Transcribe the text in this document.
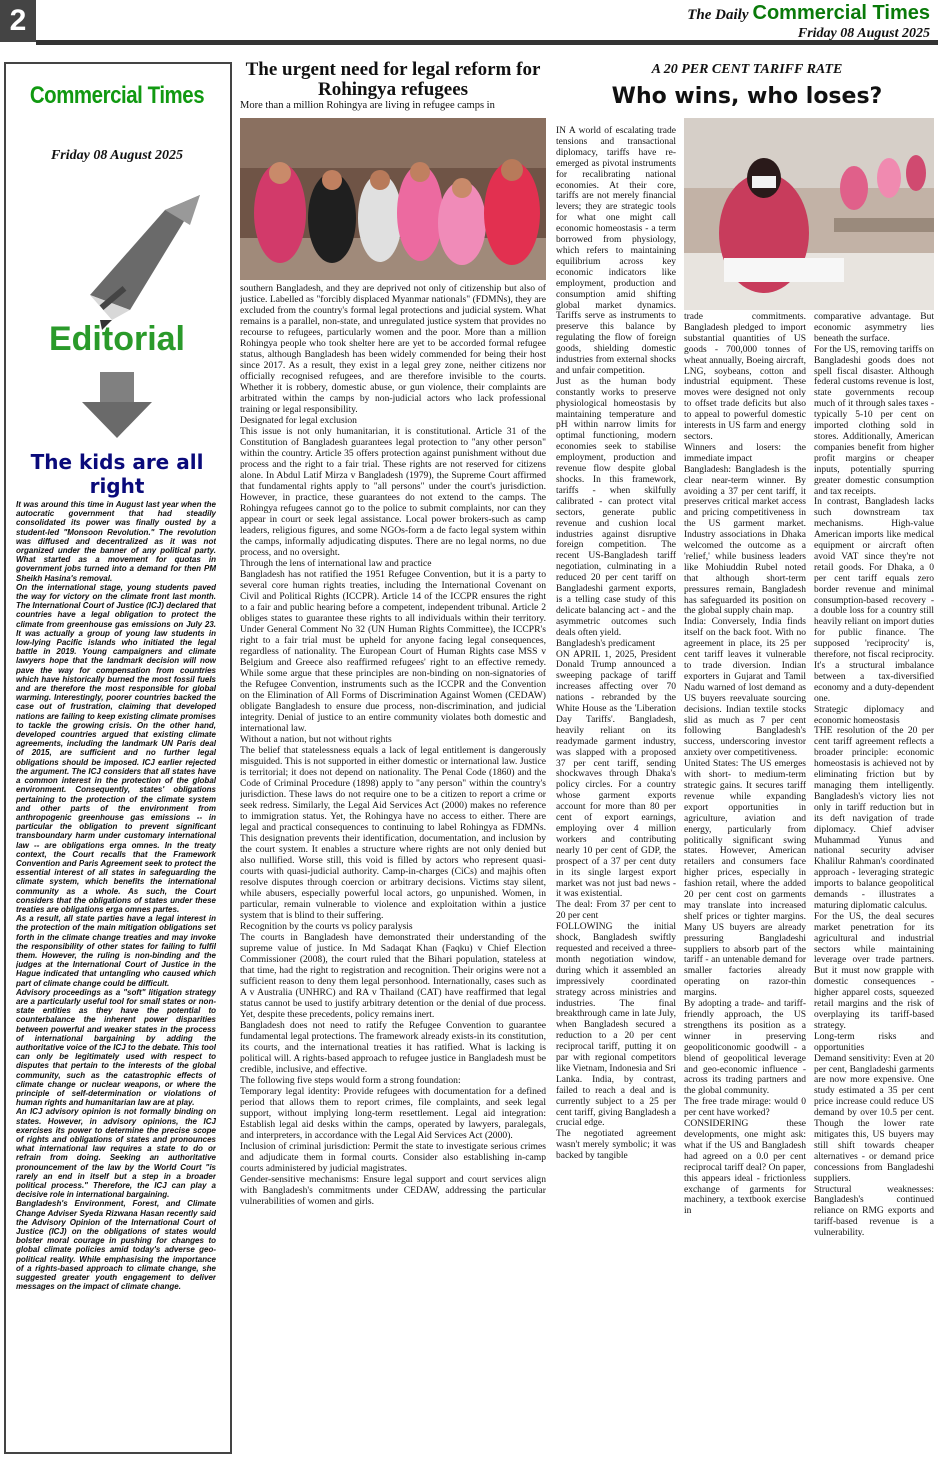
2	The Daily Commercial Times
Friday 08 August 2025
Commercial Times
Friday 08 August 2025
Editorial
The kids are all right

It was around this time in August last year when the autocratic government that had steadily consolidated its power was finally ousted by a student-led "Monsoon Revolution." The revolution was diffused and decentralized as it was not organized under the banner of any political party. What started as a movement for quotas in government jobs turned into a demand for then PM Sheikh Hasina's removal.

On the international stage, young students paved the way for victory on the climate front last month. The International Court of Justice (ICJ) declared that countries have a legal obligation to protect the climate from greenhouse gas emissions on July 23. It was actually a group of young law students in low-lying Pacific islands who initiated the legal battle in 2019. Young campaigners and climate lawyers hope that the landmark decision will now pave the way for compensation from countries which have historically burned the most fossil fuels and are therefore the most responsible for global warming. Interestingly, poorer countries backed the case out of frustration, claiming that developed nations are failing to keep existing climate promises to tackle the growing crisis. On the other hand, developed countries argued that existing climate agreements, including the landmark UN Paris deal of 2015, are sufficient and no further legal obligations should be imposed. ICJ earlier rejected the argument. The ICJ considers that all states have a common interest in the protection of the global environment. Consequently, states' obligations pertaining to the protection of the climate system and other parts of the environment from anthropogenic greenhouse gas emissions -- in particular the obligation to prevent significant transboundary harm under customary international law -- are obligations erga omnes. In the treaty context, the Court recalls that the Framework Convention and Paris Agreement seek to protect the essential interest of all states in safeguarding the climate system, which benefits the international community as a whole. As such, the Court considers that the obligations of states under these treaties are obligations erga omnes partes.

As a result, all state parties have a legal interest in the protection of the main mitigation obligations set forth in the climate change treaties and may invoke the responsibility of other states for failing to fulfil them. However, the ruling is non-binding and the judges at the International Court of Justice in the Hague indicated that untangling who caused which part of climate change could be difficult.

Advisory proceedings as a "soft" litigation strategy are a particularly useful tool for small states or non-state entities as they have the potential to counterbalance the inherent power disparities between powerful and weaker states in the process of international bargaining by adding the authoritative voice of the ICJ to the debate. This tool can only be legitimately used with respect to disputes that pertain to the interests of the global community, such as the catastrophic effects of climate change or nuclear weapons, or where the principle of self-determination or violations of human rights and humanitarian law are at play.

An ICJ advisory opinion is not formally binding on states. However, in advisory opinions, the ICJ exercises its power to determine the precise scope of rights and obligations of states and pronounces what international law requires a state to do or refrain from doing. Seeking an authoritative pronouncement of the law by the World Court "is rarely an end in itself but a step in a broader political process." Therefore, the ICJ can play a decisive role in international bargaining.

Bangladesh's Environment, Forest, and Climate Change Adviser Syeda Rizwana Hasan recently said the Advisory Opinion of the International Court of Justice (ICJ) on the obligations of states would bolster moral courage in pushing for changes to global climate policies amid today's adverse geo-political reality. While emphasising the importance of a rights-based approach to climate change, she suggested greater youth engagement to deliver messages on the impact of climate change.

The urgent need for legal reform for Rohingya refugees
More than a million Rohingya are living in refugee camps in

southern Bangladesh, and they are deprived not only of citizenship but also of justice. Labelled as "forcibly displaced Myanmar nationals" (FDMNs), they are excluded from the country's formal legal protections and judicial system. What remains is a parallel, non-state, and unregulated justice system that provides no recourse to refugees, particularly women and the poor. More than a million Rohingya people who took shelter here are yet to be accorded formal refugee status, although Bangladesh has been widely commended for being their host since 2017. As a result, they exist in a legal grey zone, neither citizens nor officially recognised refugees, and are therefore invisible to the courts. Whether it is robbery, domestic abuse, or gun violence, their complaints are arbitrated within the camps by non-judicial actors who lack professional training or legal responsibility.

Designated for legal exclusion

This issue is not only humanitarian, it is constitutional. Article 31 of the Constitution of Bangladesh guarantees legal protection to "any other person" within the country. Article 35 offers protection against punishment without due process and the right to a fair trial. These rights are not reserved for citizens alone. In Abdul Latif Mirza v Bangladesh (1979), the Supreme Court affirmed that fundamental rights apply to "all persons" under the court's jurisdiction. However, in practice, these guarantees do not extend to the camps. The Rohingya refugees cannot go to the police to submit complaints, nor can they appear in court or seek legal assistance. Local power brokers-such as camp leaders, religious figures, and some NGOs-form a de facto legal system within the camps, informally adjudicating disputes. There are no legal norms, no due process, and no oversight.

Through the lens of international law and practice

Bangladesh has not ratified the 1951 Refugee Convention, but it is a party to several core human rights treaties, including the International Covenant on Civil and Political Rights (ICCPR). Article 14 of the ICCPR ensures the right to a fair and public hearing before a competent, independent tribunal. Article 2 obliges states to guarantee these rights to all individuals within their territory. Under General Comment No 32 (UN Human Rights Committee), the ICCPR's right to a fair trial must be upheld for anyone facing legal consequences, regardless of nationality. The European Court of Human Rights case MSS v Belgium and Greece also reaffirmed refugees' right to an effective remedy. While some argue that these principles are non-binding on non-signatories of the Refugee Convention, instruments such as the ICCPR and the Convention on the Elimination of All Forms of Discrimination Against Women (CEDAW) obligate Bangladesh to ensure due process, non-discrimination, and judicial integrity. Denial of justice to an entire community violates both domestic and international law.

Without a nation, but not without rights

The belief that statelessness equals a lack of legal entitlement is dangerously misguided. This is not supported in either domestic or international law. Justice is territorial; it does not depend on nationality. The Penal Code (1860) and the Code of Criminal Procedure (1898) apply to "any person" within the country's jurisdiction. These laws do not require one to be a citizen to report a crime or seek redress. Similarly, the Legal Aid Services Act (2000) makes no reference to immigration status. Yet, the Rohingya have no access to either. There are legal and practical consequences to continuing to label Rohingya as FDMNs. This designation prevents their identification, documentation, and inclusion by the court system. It enables a structure where rights are not only denied but also nullified. Worse still, this void is filled by actors who represent quasi-courts with quasi-judicial authority. Camp-in-charges (CiCs) and majhis often resolve disputes through coercion or arbitrary decisions. Victims stay silent, while abusers, especially powerful local actors, go unpunished. Women, in particular, remain vulnerable to violence and exploitation within a justice system that is blind to their suffering.

Recognition by the courts vs policy paralysis

The courts in Bangladesh have demonstrated their understanding of the supreme value of justice. In Md Sadaqat Khan (Faqku) v Chief Election Commissioner (2008), the court ruled that the Bihari population, stateless at that time, had the right to registration and recognition. Their origins were not a sufficient reason to deny them legal personhood. Internationally, cases such as A v Australia (UNHRC) and RA v Thailand (CAT) have reaffirmed that legal status cannot be used to justify arbitrary detention or the denial of due process. Yet, despite these precedents, policy remains inert.

Bangladesh does not need to ratify the Refugee Convention to guarantee fundamental legal protections. The framework already exists-in its constitution, its courts, and the international treaties it has ratified. What is lacking is political will. A rights-based approach to refugee justice in Bangladesh must be credible, inclusive, and effective.

The following five steps would form a strong foundation:

Temporary legal identity: Provide refugees with documentation for a defined period that allows them to report crimes, file complaints, and seek legal support, without implying long-term resettlement. Legal aid integration: Establish legal aid desks within the camps, operated by lawyers, paralegals, and interpreters, in accordance with the Legal Aid Services Act (2000).

Inclusion of criminal jurisdiction: Permit the state to investigate serious crimes and adjudicate them in formal courts. Consider also establishing in-camp courts administered by judicial magistrates.

Gender-sensitive mechanisms: Ensure legal support and court services align with Bangladesh's commitments under CEDAW, addressing the particular vulnerabilities of women and girls.

A 20 PER CENT TARIFF RATE
Who wins, who loses?

IN A world of escalating trade tensions and transactional diplomacy, tariffs have re-emerged as pivotal instruments for recalibrating national economies. At their core, tariffs are not merely financial levers; they are strategic tools for what one might call economic homeostasis - a term borrowed from physiology, which refers to maintaining equilibrium across key economic indicators like employment, production and consumption amid shifting global market dynamics. Tariffs serve as instruments to preserve this balance by regulating the flow of foreign goods, shielding domestic industries from external shocks and unfair competition.

Just as the human body constantly works to preserve physiological homeostasis by maintaining temperature and pH within narrow limits for optimal functioning, modern economies seek to stabilise employment, production and revenue flow despite global shocks. In this framework, tariffs - when skilfully calibrated - can protect vital sectors, generate public revenue and cushion local industries against disruptive foreign competition. The recent US-Bangladesh tariff negotiation, culminating in a reduced 20 per cent tariff on Bangladeshi garment exports, is a telling case study of this delicate balancing act - and the asymmetric outcomes such deals often yield.

Bangladesh's predicament

ON APRIL 1, 2025, President Donald Trump announced a sweeping package of tariff increases affecting over 70 nations - rebranded by the White House as the 'Liberation Day Tariffs'. Bangladesh, heavily reliant on its readymade garment industry, was slapped with a proposed 37 per cent tariff, sending shockwaves through Dhaka's policy circles. For a country whose garment exports account for more than 80 per cent of export earnings, employing over 4 million workers and contributing nearly 10 per cent of GDP, the prospect of a 37 per cent duty in its single largest export market was not just bad news - it was existential.

The deal: From 37 per cent to 20 per cent

FOLLOWING the initial shock, Bangladesh swiftly requested and received a three-month negotiation window, during which it assembled an impressively coordinated strategy across ministries and industries. The final breakthrough came in late July, when Bangladesh secured a reduction to a 20 per cent reciprocal tariff, putting it on par with regional competitors like Vietnam, Indonesia and Sri Lanka. India, by contrast, failed to reach a deal and is currently subject to a 25 per cent tariff, giving Bangladesh a crucial edge.

The negotiated agreement wasn't merely symbolic; it was backed by tangible

trade commitments. Bangladesh pledged to import substantial quantities of US goods - 700,000 tonnes of wheat annually, Boeing aircraft, LNG, soybeans, cotton and industrial equipment. These moves were designed not only to offset trade deficits but also to appeal to powerful domestic interests in US farm and energy sectors.

Winners and losers: the immediate impact

Bangladesh: Bangladesh is the clear near-term winner. By avoiding a 37 per cent tariff, it preserves critical market access and pricing competitiveness in the US garment market. Industry associations in Dhaka welcomed the outcome as a 'relief,' while business leaders like Mohiuddin Rubel noted that although short-term pressures remain, Bangladesh has safeguarded its position on the global supply chain map.

India: Conversely, India finds itself on the back foot. With no agreement in place, its 25 per cent tariff leaves it vulnerable to trade diversion. Indian exporters in Gujarat and Tamil Nadu warned of lost demand as US buyers reevaluate sourcing decisions. Indian textile stocks slid as much as 7 per cent following Bangladesh's success, underscoring investor anxiety over competitiveness.

United States: The US emerges with short- to medium-term strategic gains. It secures tariff revenue while expanding export opportunities in agriculture, aviation and energy, particularly from politically significant swing states. However, American retailers and consumers face higher prices, especially in fashion retail, where the added 20 per cent cost on garments may translate into increased shelf prices or tighter margins. Many US buyers are already pressuring Bangladeshi suppliers to absorb part of the tariff - an untenable demand for smaller factories already operating on razor-thin margins.

By adopting a trade- and tariff-friendly approach, the US strengthens its position as a winner in preserving geopoliticonomic goodwill - a blend of geopolitical leverage and geo-economic influence - across its trading partners and the global community.

The free trade mirage: would 0 per cent have worked?

CONSIDERING these developments, one might ask: what if the US and Bangladesh had agreed on a 0.0 per cent reciprocal tariff deal? On paper, this appears ideal - frictionless exchange of garments for machinery, a textbook exercise in

comparative advantage. But economic asymmetry lies beneath the surface.

For the US, removing tariffs on Bangladeshi goods does not spell fiscal disaster. Although federal customs revenue is lost, state governments recoup much of it through sales taxes - typically 5-10 per cent on imported clothing sold in stores. Additionally, American companies benefit from higher profit margins or cheaper inputs, potentially spurring greater domestic consumption and tax receipts.

In contrast, Bangladesh lacks such downstream tax mechanisms. High-value American imports like medical equipment or aircraft often avoid VAT since they're not retail goods. For Dhaka, a 0 per cent tariff equals zero border revenue and minimal consumption-based recovery - a double loss for a country still heavily reliant on import duties for public finance. The supposed 'reciprocity' is, therefore, not fiscal reciprocity. It's a structural imbalance between a tax-diversified economy and a duty-dependent one.

Strategic diplomacy and economic homeostasis

THE resolution of the 20 per cent tariff agreement reflects a broader principle: economic homeostasis is achieved not by eliminating friction but by managing them intelligently. Bangladesh's victory lies not only in tariff reduction but in its deft navigation of trade diplomacy. Chief adviser Muhammad Yunus and national security adviser Khalilur Rahman's coordinated approach - leveraging strategic imports to balance geopolitical demands - illustrates a maturing diplomatic calculus.

For the US, the deal secures market penetration for its agricultural and industrial sectors while maintaining leverage over trade partners. But it must now grapple with domestic consequences - higher apparel costs, squeezed retail margins and the risk of overplaying its tariff-based strategy.

Long-term risks and opportunities

Demand sensitivity: Even at 20 per cent, Bangladeshi garments are now more expensive. One study estimated a 35 per cent price increase could reduce US demand by over 10.5 per cent. Though the lower rate mitigates this, US buyers may still shift towards cheaper alternatives - or demand price concessions from Bangladeshi suppliers.

Structural weaknesses: Bangladesh's continued reliance on RMG exports and tariff-based revenue is a vulnerability.
